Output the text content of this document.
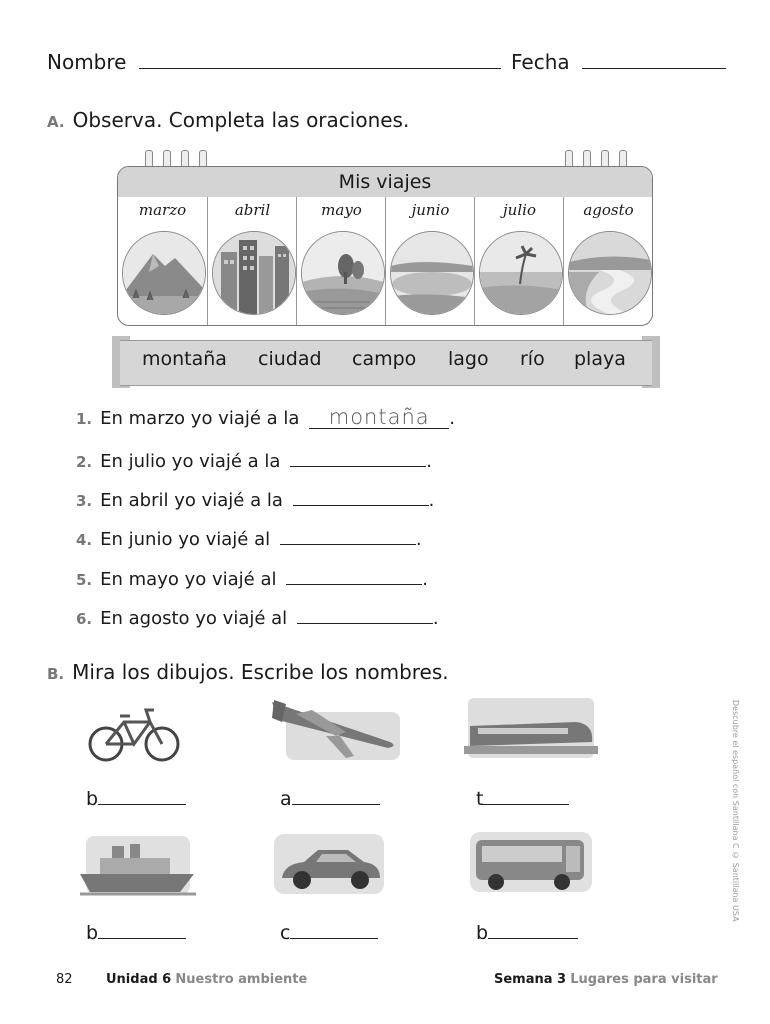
Nombre	Fecha
A. Observa. Completa las oraciones.
Mis viajes
marzo	abril	mayo	junio	julio	agosto
montaña ciudad campo lago río playa
1. En marzo yo viajé a la montaña .
2. En julio yo viajé a la	.
3. En abril yo viajé a la	.
4. En junio yo viajé al	.
5. En mayo yo viajé al	.
6. En agosto yo viajé al	.
B. Mira los dibujos. Escribe los nombres.
b	a	t
b	c	b
Descubre el español con Santillana C © Santillana USA
82	Unidad 6 Nuestro ambiente	Semana 3 Lugares para visitar
